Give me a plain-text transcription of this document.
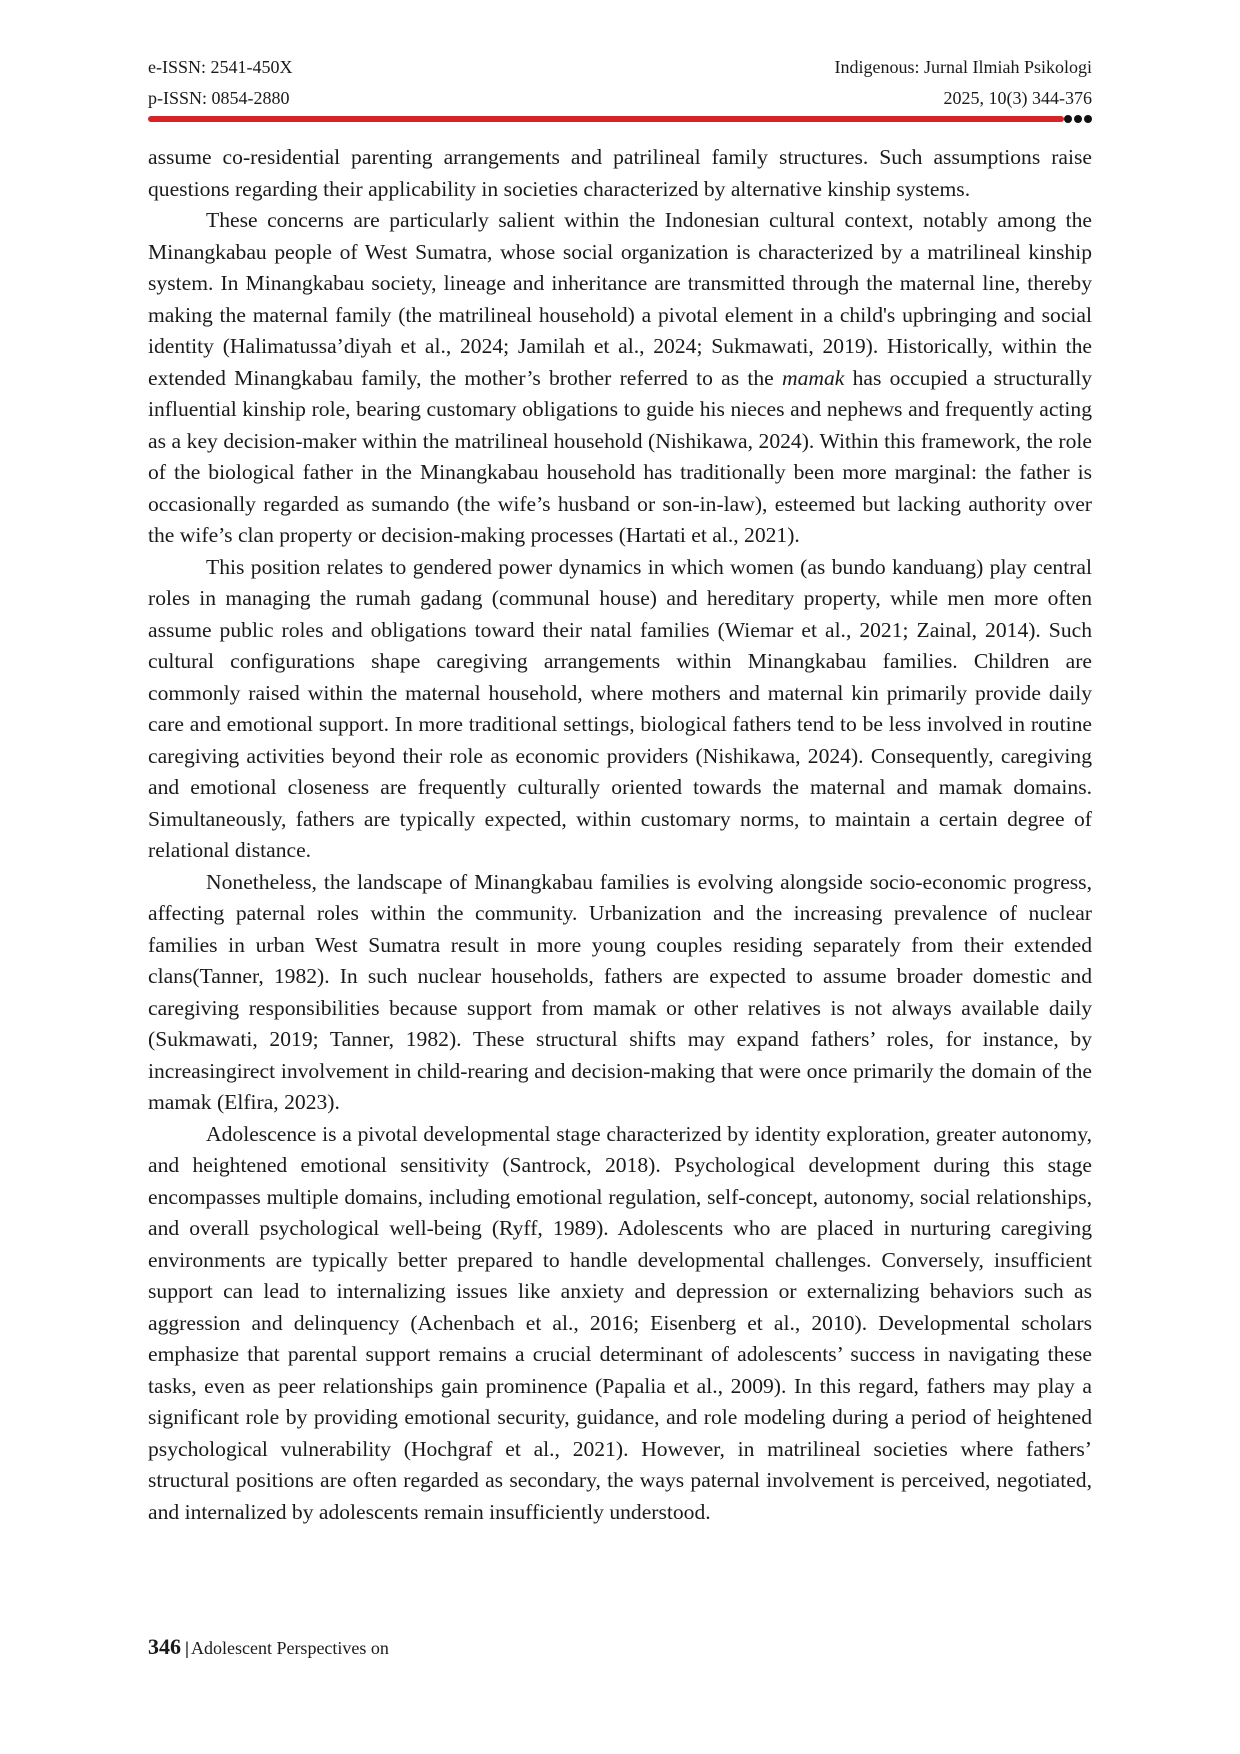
e-ISSN: 2541-450X	Indigenous: Jurnal Ilmiah Psikologi
p-ISSN: 0854-2880	2025, 10(3) 344-376

assume co-residential parenting arrangements and patrilineal family structures. Such assumptions raise questions regarding their applicability in societies characterized by alternative kinship systems.

These concerns are particularly salient within the Indonesian cultural context, notably among the Minangkabau people of West Sumatra, whose social organization is characterized by a matrilineal kinship system. In Minangkabau society, lineage and inheritance are transmitted through the maternal line, thereby making the maternal family (the matrilineal household) a pivotal element in a child's upbringing and social identity (Halimatussa’diyah et al., 2024; Jamilah et al., 2024; Sukmawati, 2019). Historically, within the extended Minangkabau family, the mother’s brother referred to as the mamak has occupied a structurally influential kinship role, bearing customary obligations to guide his nieces and nephews and frequently acting as a key decision-maker within the matrilineal household (Nishikawa, 2024). Within this framework, the role of the biological father in the Minangkabau household has traditionally been more marginal: the father is occasionally regarded as sumando (the wife’s husband or son-in-law), esteemed but lacking authority over the wife’s clan property or decision-making processes (Hartati et al., 2021).

This position relates to gendered power dynamics in which women (as bundo kanduang) play central roles in managing the rumah gadang (communal house) and hereditary property, while men more often assume public roles and obligations toward their natal families (Wiemar et al., 2021; Zainal, 2014). Such cultural configurations shape caregiving arrangements within Minangkabau families. Children are commonly raised within the maternal household, where mothers and maternal kin primarily provide daily care and emotional support. In more traditional settings, biological fathers tend to be less involved in routine caregiving activities beyond their role as economic providers (Nishikawa, 2024). Consequently, caregiving and emotional closeness are frequently culturally oriented towards the maternal and mamak domains. Simultaneously, fathers are typically expected, within customary norms, to maintain a certain degree of relational distance.

Nonetheless, the landscape of Minangkabau families is evolving alongside socio-economic progress, affecting paternal roles within the community. Urbanization and the increasing prevalence of nuclear families in urban West Sumatra result in more young couples residing separately from their extended clans(Tanner, 1982). In such nuclear households, fathers are expected to assume broader domestic and caregiving responsibilities because support from mamak or other relatives is not always available daily (Sukmawati, 2019; Tanner, 1982). These structural shifts may expand fathers’ roles, for instance, by increasingirect involvement in child-rearing and decision-making that were once primarily the domain of the mamak (Elfira, 2023).

Adolescence is a pivotal developmental stage characterized by identity exploration, greater autonomy, and heightened emotional sensitivity (Santrock, 2018). Psychological development during this stage encompasses multiple domains, including emotional regulation, self-concept, autonomy, social relationships, and overall psychological well-being (Ryff, 1989). Adolescents who are placed in nurturing caregiving environments are typically better prepared to handle developmental challenges. Conversely, insufficient support can lead to internalizing issues like anxiety and depression or externalizing behaviors such as aggression and delinquency (Achenbach et al., 2016; Eisenberg et al., 2010). Developmental scholars emphasize that parental support remains a crucial determinant of adolescents’ success in navigating these tasks, even as peer relationships gain prominence (Papalia et al., 2009). In this regard, fathers may play a significant role by providing emotional security, guidance, and role modeling during a period of heightened psychological vulnerability (Hochgraf et al., 2021). However, in matrilineal societies where fathers’ structural positions are often regarded as secondary, the ways paternal involvement is perceived, negotiated, and internalized by adolescents remain insufficiently understood.

346 | Adolescent Perspectives on
